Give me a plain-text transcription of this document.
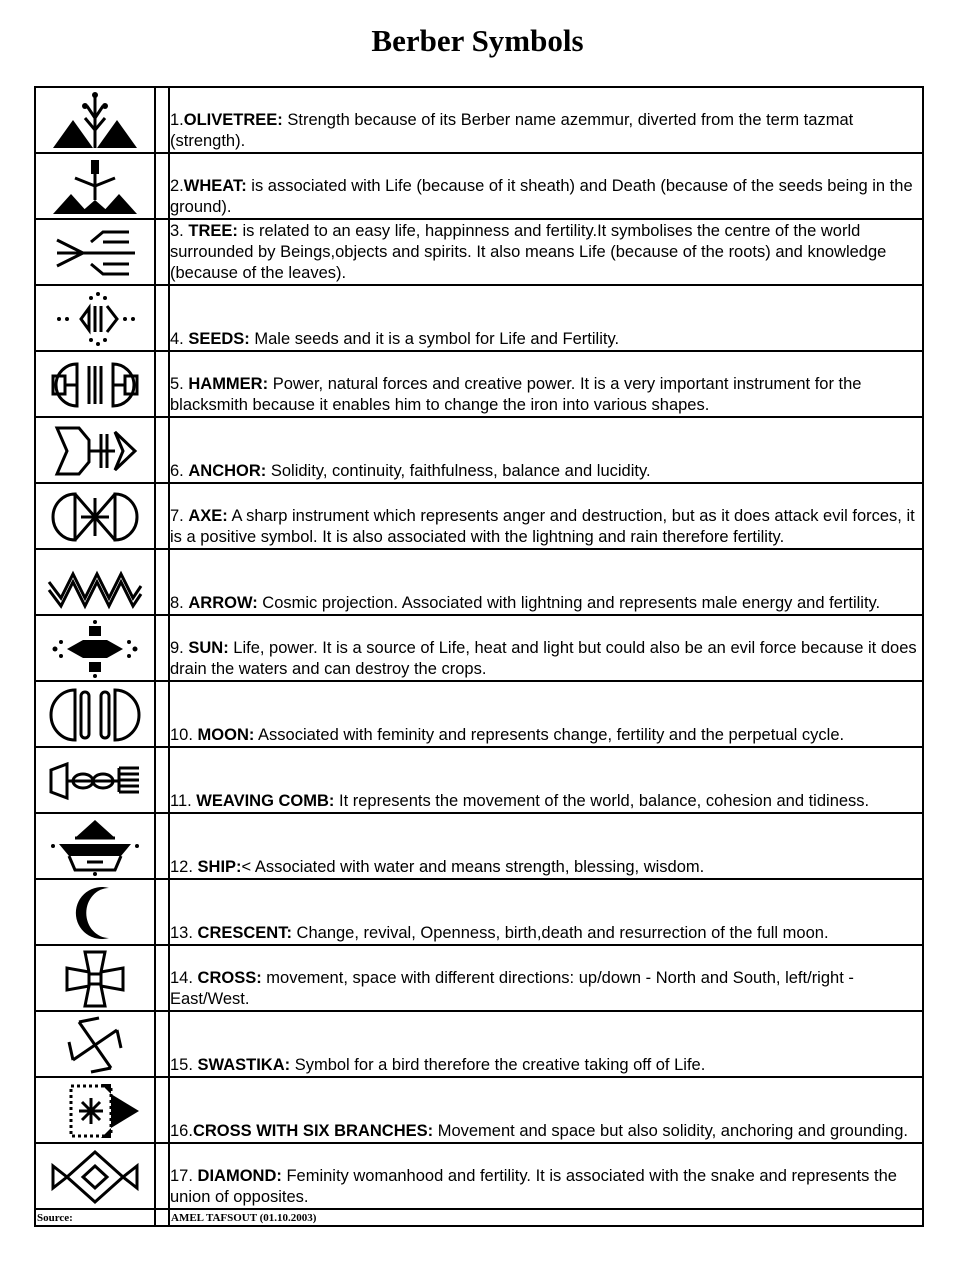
Berber Symbols
		1.OLIVETREE: Strength because of its Berber name azemmur, diverted from the term tazmat (strength).

		2.WHEAT: is associated with Life (because of it sheath) and Death (because of the seeds being in the ground).

		3. TREE: is related to an easy life, happinness and fertility.It symbolises the centre of the world surrounded by Beings,objects and spirits. It also means Life (because of the roots) and knowledge (because of the leaves).

		4. SEEDS: Male seeds and it is a symbol for Life and Fertility.

		5. HAMMER: Power, natural forces and creative power. It is a very important instrument for the blacksmith because it enables him to change the iron into various shapes.

		6. ANCHOR: Solidity, continuity, faithfulness, balance and lucidity.

		7. AXE: A sharp instrument which represents anger and destruction, but as it does attack evil forces, it is a positive symbol. It is also associated with the lightning and rain therefore fertility.

		8. ARROW: Cosmic projection. Associated with lightning and represents male energy and fertility.

		9. SUN: Life, power. It is a source of Life, heat and light but could also be an evil force because it does drain the waters and can destroy the crops.

		10. MOON: Associated with feminity and represents change, fertility and the perpetual cycle.

		11. WEAVING COMB: It represents the movement of the world, balance, cohesion and tidiness.

		12. SHIP:< Associated with water and means strength, blessing, wisdom.

		13. CRESCENT: Change, revival, Openness, birth,death and resurrection of the full moon.

		14. CROSS: movement, space with different directions: up/down - North and South, left/right -East/West.

		15. SWASTIKA: Symbol for a bird therefore the creative taking off of Life.

		16.CROSS WITH SIX BRANCHES: Movement and space but also solidity, anchoring and grounding.

		17. DIAMOND: Feminity womanhood and fertility. It is associated with the snake and represents the union of opposites.
Source:		AMEL TAFSOUT (01.10.2003)
